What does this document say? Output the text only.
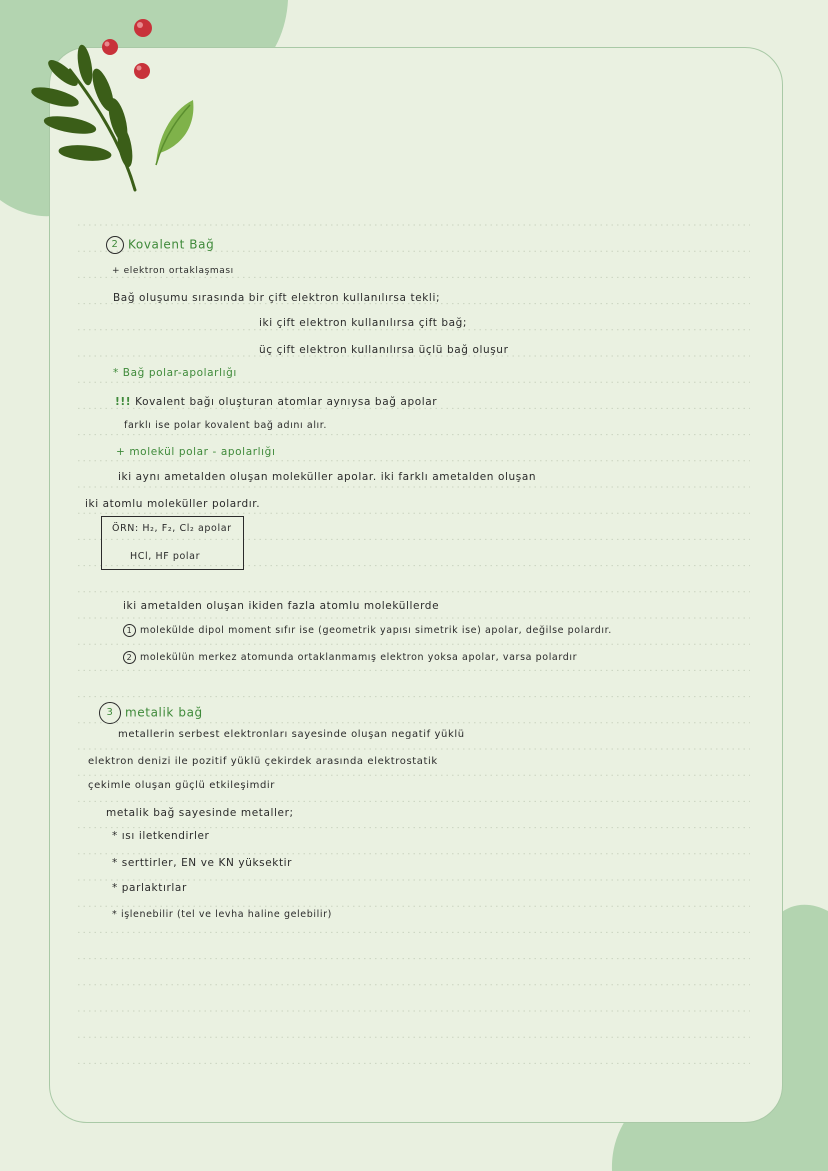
2 Kovalent Bağ
+ elektron ortaklaşması
Bağ oluşumu sırasında bir çift elektron kullanılırsa tekli;
iki çift elektron kullanılırsa çift bağ;
üç çift elektron kullanılırsa üçlü bağ oluşur
* Bağ polar-apolarlığı
!!! Kovalent bağı oluşturan atomlar aynıysa bağ apolar
farklı ise polar kovalent bağ adını alır.
+ molekül polar - apolarlığı
iki aynı ametalden oluşan moleküller apolar. iki farklı ametalden oluşan
iki atomlu moleküller polardır.
ÖRN: H₂, F₂, Cl₂ apolar
HCl, HF polar
iki ametalden oluşan ikiden fazla atomlu moleküllerde
1 molekülde dipol moment sıfır ise (geometrik yapısı simetrik ise) apolar, değilse polardır.
2 molekülün merkez atomunda ortaklanmamış elektron yoksa apolar, varsa polardır
3 metalik bağ
metallerin serbest elektronları sayesinde oluşan negatif yüklü
elektron denizi ile pozitif yüklü çekirdek arasında elektrostatik
çekimle oluşan güçlü etkileşimdir
metalik bağ sayesinde metaller;
* ısı iletkendirler
* serttirler, EN ve KN yüksektir
* parlaktırlar
* işlenebilir (tel ve levha haline gelebilir)
